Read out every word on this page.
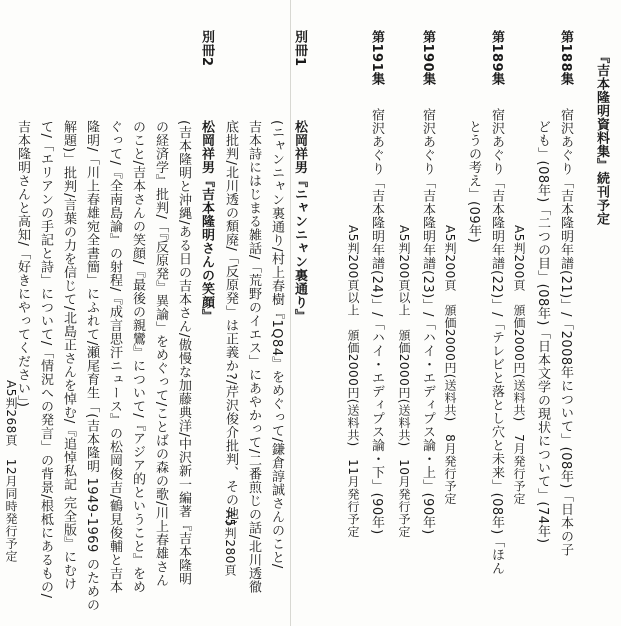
『吉本隆明資料集』続刊予定
第188集
宿沢あぐり「吉本隆明年譜(21)」/「2008年について」(08年)「日本の子
ども」(08年)「二つの目」(08年)「日本文学の現状について」(74年)
A5判200頁　頒価2000円(送料共)　7月発行予定
第189集
宿沢あぐり「吉本隆明年譜(22)」/「テレビと落とし穴と未来」(08年)「ほん
とうの考え」(09年)
A5判200頁　頒価2000円(送料共)　8月発行予定
第190集
宿沢あぐり「吉本隆明年譜(23)」/「ハイ・エディプス論・上」(90年)
A5判200頁以上　頒価2000円(送料共)　10月発行予定
第191集
宿沢あぐり「吉本隆明年譜(24)」/「ハイ・エディプス論・下」(90年)
A5判200頁以上　頒価2000円(送料共)　11月発行予定
別冊1
松岡祥男『ニャンニャン裏通り』
(ニャンニャン裏通り/村上春樹『1Q84』をめぐって/鎌倉諄誠さんのこと/
吉本詩にはじまる雑話/「荒野のイエス」にあやかって/二番煎じの話/北川透徹
底批判/北川透の頽廃/「反原発」は正義か?/芹沢俊介批判、その他)
A5判280頁
別冊2
松岡祥男『吉本隆明さんの笑顔』
(吉本隆明と沖縄/ある日の吉本さん/傲慢な加藤典洋/中沢新一編著『吉本隆明
の経済学』批判/「『反原発』異論」をめぐって/ことばの森の歌/川上春雄さん
のこと/吉本さんの笑顔/『最後の親鸞』について/『アジア的ということ』をめ
ぐって/『全南島論』の射程/『成言思汗ニュース』の松岡俊吉/鶴見俊輔と吉本
隆明/「川上春雄宛全書簡」にふれて/瀬尾育生「(吉本隆明 1949-1969 のための
解題)」批判/言葉の力を信じて/北島正さんを悼む/『追悼私記 完全版』にむけ
て/「エリアンの手記と詩」について/「情況への発言」の背景/根柢にあるもの/
吉本隆明さんと高知/「好きにやってください」)
A5判268頁　12月同時発行予定
